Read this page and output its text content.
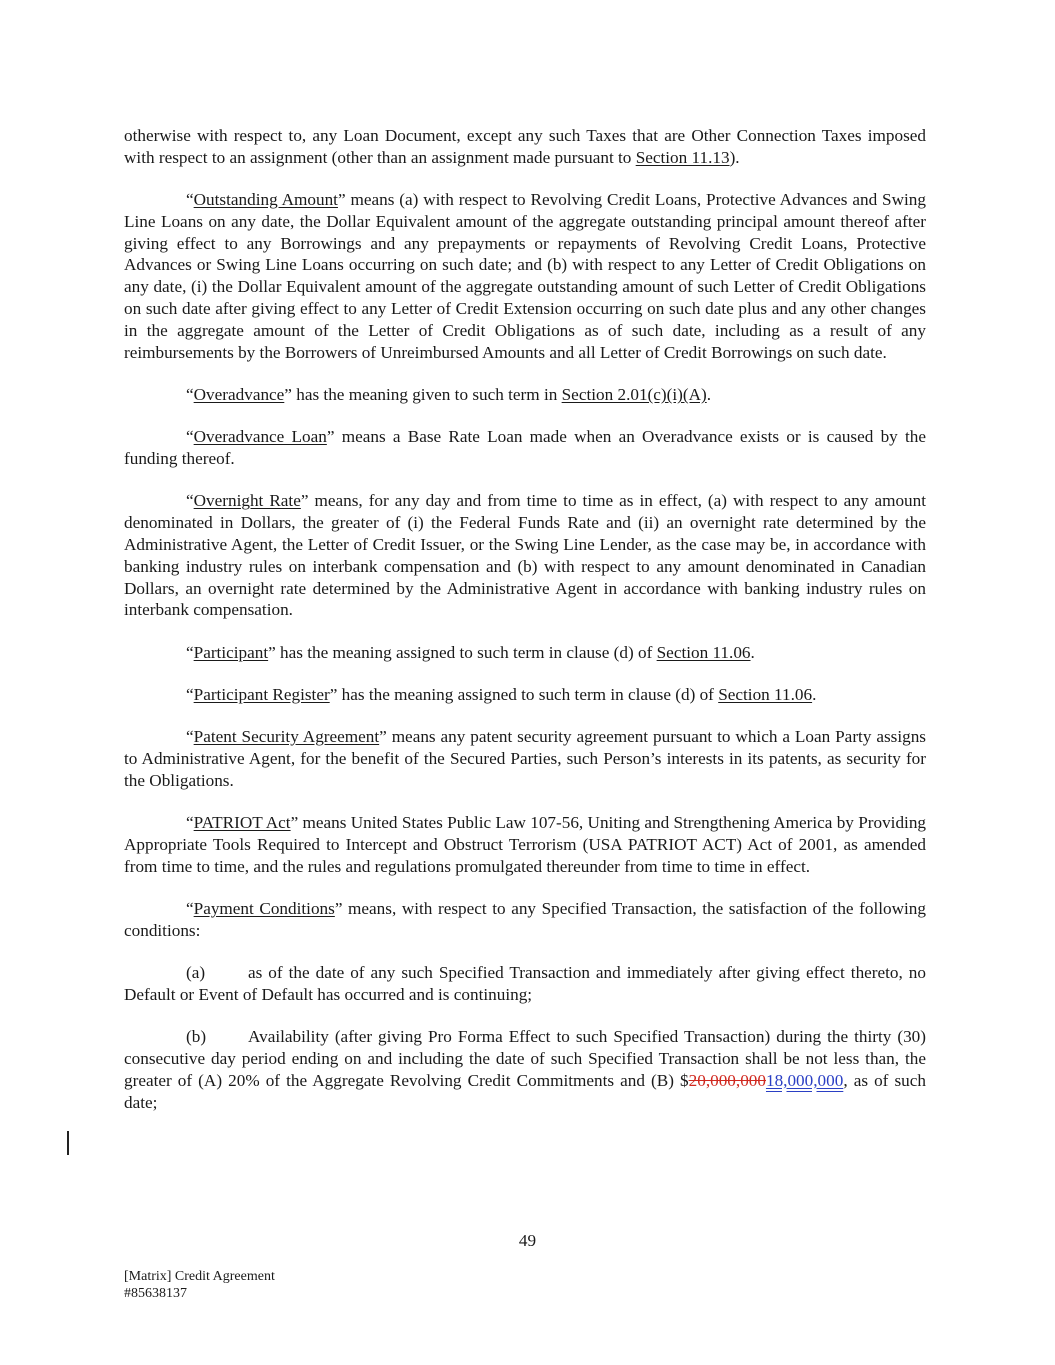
otherwise with respect to, any Loan Document, except any such Taxes that are Other Connection Taxes imposed with respect to an assignment (other than an assignment made pursuant to Section 11.13).

“Outstanding Amount” means (a) with respect to Revolving Credit Loans, Protective Advances and Swing Line Loans on any date, the Dollar Equivalent amount of the aggregate outstanding principal amount thereof after giving effect to any Borrowings and any prepayments or repayments of Revolving Credit Loans, Protective Advances or Swing Line Loans occurring on such date; and (b) with respect to any Letter of Credit Obligations on any date, (i) the Dollar Equivalent amount of the aggregate outstanding amount of such Letter of Credit Obligations on such date after giving effect to any Letter of Credit Extension occurring on such date plus and any other changes in the aggregate amount of the Letter of Credit Obligations as of such date, including as a result of any reimbursements by the Borrowers of Unreimbursed Amounts and all Letter of Credit Borrowings on such date.

“Overadvance” has the meaning given to such term in Section 2.01(c)(i)(A).

“Overadvance Loan” means a Base Rate Loan made when an Overadvance exists or is caused by the funding thereof.

“Overnight Rate” means, for any day and from time to time as in effect, (a) with respect to any amount denominated in Dollars, the greater of (i) the Federal Funds Rate and (ii) an overnight rate determined by the Administrative Agent, the Letter of Credit Issuer, or the Swing Line Lender, as the case may be, in accordance with banking industry rules on interbank compensation and (b) with respect to any amount denominated in Canadian Dollars, an overnight rate determined by the Administrative Agent in accordance with banking industry rules on interbank compensation.

“Participant” has the meaning assigned to such term in clause (d) of Section 11.06.

“Participant Register” has the meaning assigned to such term in clause (d) of Section 11.06.

“Patent Security Agreement” means any patent security agreement pursuant to which a Loan Party assigns to Administrative Agent, for the benefit of the Secured Parties, such Person’s interests in its patents, as security for the Obligations.

“PATRIOT Act” means United States Public Law 107-56, Uniting and Strengthening America by Providing Appropriate Tools Required to Intercept and Obstruct Terrorism (USA PATRIOT ACT) Act of 2001, as amended from time to time, and the rules and regulations promulgated thereunder from time to time in effect.

“Payment Conditions” means, with respect to any Specified Transaction, the satisfaction of the following conditions:

(a) as of the date of any such Specified Transaction and immediately after giving effect thereto, no Default or Event of Default has occurred and is continuing;

(b) Availability (after giving Pro Forma Effect to such Specified Transaction) during the thirty (30) consecutive day period ending on and including the date of such Specified Transaction shall be not less than, the greater of (A) 20% of the Aggregate Revolving Credit Commitments and (B) $20,000,00018,000,000, as of such date;

49
[Matrix] Credit Agreement
#85638137
